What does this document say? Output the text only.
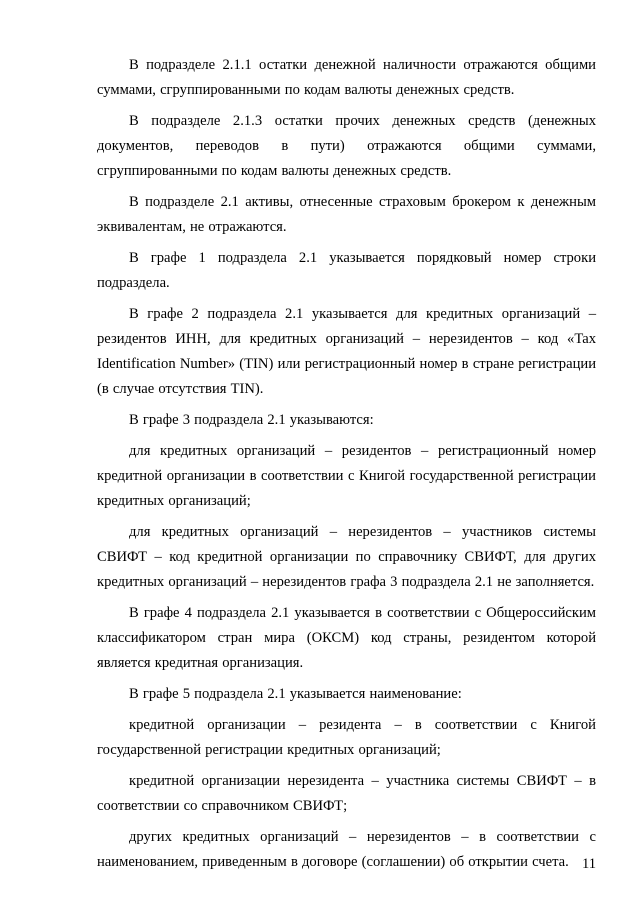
В подразделе 2.1.1 остатки денежной наличности отражаются общими суммами, сгруппированными по кодам валюты денежных средств.

В подразделе 2.1.3 остатки прочих денежных средств (денежных документов, переводов в пути) отражаются общими суммами, сгруппированными по кодам валюты денежных средств.

В подразделе 2.1 активы, отнесенные страховым брокером к денежным эквивалентам, не отражаются.

В графе 1 подраздела 2.1 указывается порядковый номер строки подраздела.

В графе 2 подраздела 2.1 указывается для кредитных организаций – резидентов ИНН, для кредитных организаций – нерезидентов – код «Tax Identification Number» (TIN) или регистрационный номер в стране регистрации (в случае отсутствия TIN).

В графе 3 подраздела 2.1 указываются:

для кредитных организаций – резидентов – регистрационный номер кредитной организации в соответствии с Книгой государственной регистрации кредитных организаций;

для кредитных организаций – нерезидентов – участников системы СВИФТ – код кредитной организации по справочнику СВИФТ, для других кредитных организаций – нерезидентов графа 3 подраздела 2.1 не заполняется.

В графе 4 подраздела 2.1 указывается в соответствии с Общероссийским классификатором стран мира (ОКСМ) код страны, резидентом которой является кредитная организация.

В графе 5 подраздела 2.1 указывается наименование:

кредитной организации – резидента – в соответствии с Книгой государственной регистрации кредитных организаций;

кредитной организации нерезидента – участника системы СВИФТ – в соответствии со справочником СВИФТ;

других кредитных организаций – нерезидентов – в соответствии с наименованием, приведенным в договоре (соглашении) об открытии счета. 11
